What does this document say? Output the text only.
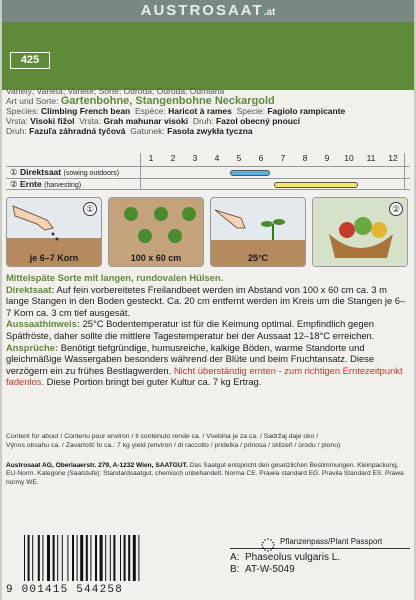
AUSTROSAAT.at
425
Variety; Varietà; Varieté; Sorte; Odroda; Odroda; Odmiana
Art und Sorte: Gartenbohne, Stangenbohne Neckargold
Species: Climbing French bean Espèce: Haricot à rames Specie: Fagiolo rampicante
Vrsta: Visoki fižol Vrsta: Grah mahunar visoki Druh: Fazol obecný pnoucí
Druh: Fazuľa záhradná tyčová Gatunek: Fasola zwykła tyczna
1	2	3	4	5	6	7	8	9	10	11	12
① Direktsaat (sowing outdoors)
② Ernte (harvesting)
①
je 6–7 Korn	100 x 60 cm	25°C
②

Mittelspäte Sorte mit langen, rundovalen Hülsen.

Direktsaat: Auf fein vorbereitetes Freilandbeet werden im Abstand von 100 x 60 cm ca. 3 m lange Stangen in den Boden gesteckt. Ca. 20 cm entfernt werden im Kreis um die Stangen je 6–7 Korn ca. 3 cm tief ausgesät.

Aussaathinweis: 25°C Bodentemperatur ist für die Keimung optimal. Empfindlich gegen Spätfröste, daher sollte die mittlere Tagestemperatur bei der Aussaat 12–18°C erreichen. Ansprüche: Benötigt tiefgründige, humusreiche, kalkige Böden, warme Standorte und gleichmäßige Wassergaben besonders während der Blüte und beim Fruchtansatz. Diese verzögern ein zu frühes Bestlagwerden. Nicht überständig ernten - zum richtigen Erntezeitpunkt fadenlos. Diese Portion bringt bei guter Kultur ca. 7 kg Ertrag.

Content for about / Contenu pour environ / Il contenuto rende ca. / Vsebina je za ca. / Sadržaj daje oko /
Výnos obsahu ca. / Zavartošť to ca.: 7 kg yield (environ / di raccolto / pridelka / prinosa / sklizeň / úrodu / plonu)
Austrosaat AG, Oberlaaerstr. 279, A-1232 Wien, SAATGUT. Das Saatgut entspricht den gesetzlichen Bestimmungen. Kleinpackung, EU-Norm. Kategorie (Saatstufe): Standardsaatgut, chemisch unbehandelt. Norma CE. Prawia standard EG. Pravila Standard ES. Prawa normy WE.
9 001415 544258
Pflanzenpass/Plant Passport
A: Phaseolus vulgaris L.
B: AT-W-5049
